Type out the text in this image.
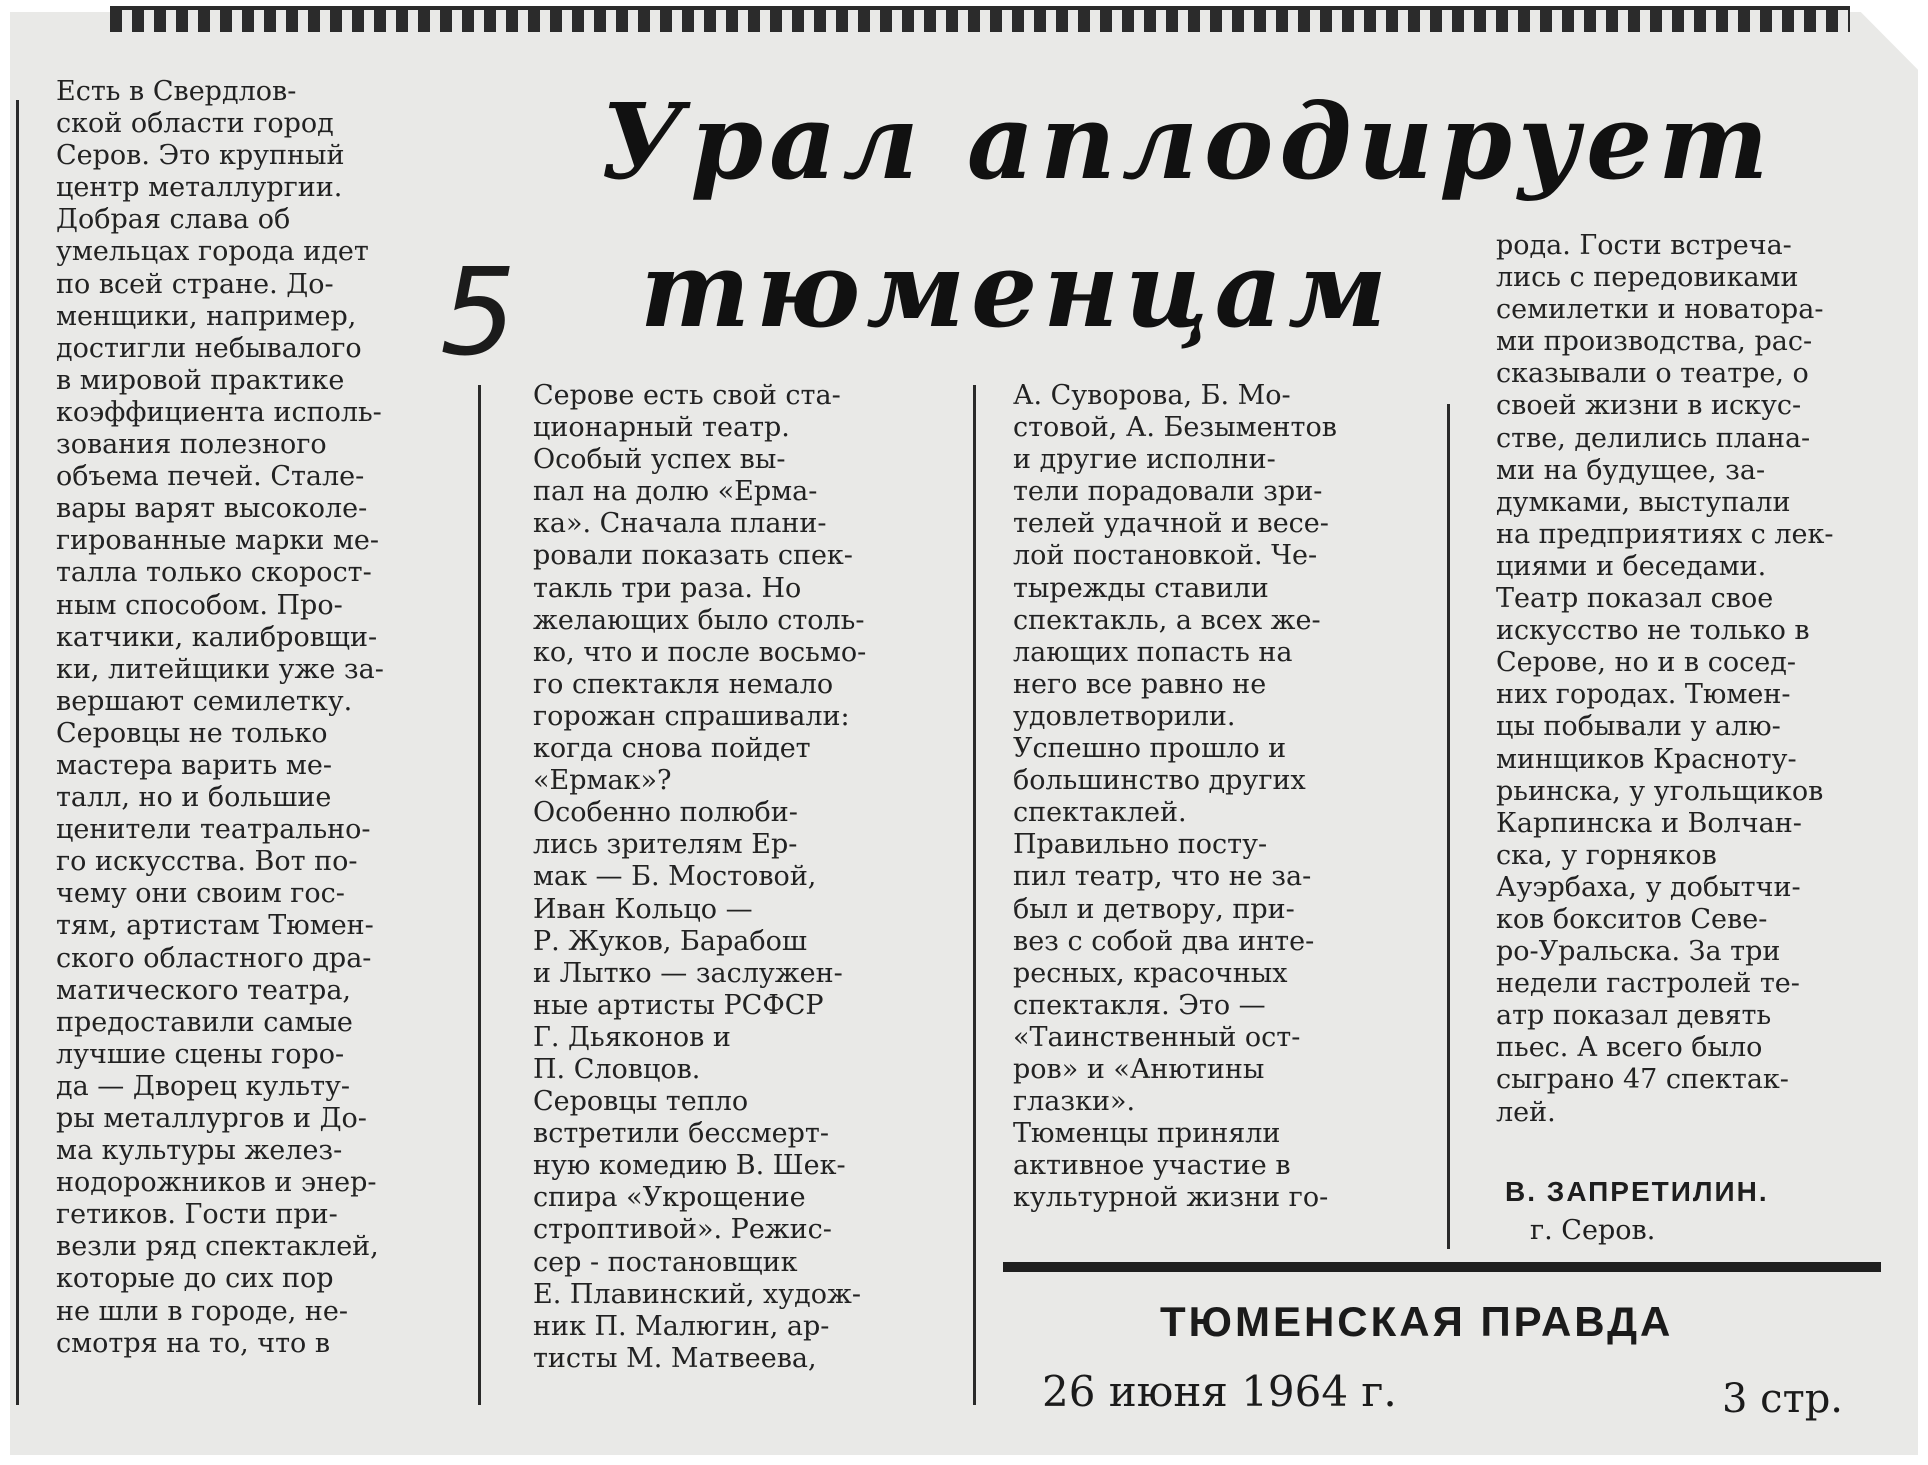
Урал аплодирует
тюменцам
5

Есть в Свердлов-
ской области город
Серов. Это крупный
центр металлургии.
Добрая слава об
умельцах города идет
по всей стране. До-
менщики, например,
достигли небывалого
в мировой практике
коэффициента исполь-
зования полезного
объема печей. Стале-
вары варят высоколе-
гированные марки ме-
талла только скорост-
ным способом. Про-
катчики, калибровщи-
ки, литейщики уже за-
вершают семилетку.
Серовцы не только
мастера варить ме-
талл, но и большие
ценители театрально-
го искусства. Вот по-
чему они своим гос-
тям, артистам Тюмен-
ского областного дра-
матического театра,
предоставили самые
лучшие сцены горо-
да — Дворец культу-
ры металлургов и До-
ма культуры желез-
нодорожников и энер-
гетиков. Гости при-
везли ряд спектаклей,
которые до сих пор
не шли в городе, не-
смотря на то, что в

Серове есть свой ста-
ционарный театр.
Особый успех вы-
пал на долю «Ерма-
ка». Сначала плани-
ровали показать спек-
такль три раза. Но
желающих было столь-
ко, что и после восьмо-
го спектакля немало
горожан спрашивали:
когда снова пойдет
«Ермак»?
Особенно полюби-
лись зрителям Ер-
мак — Б. Мостовой,
Иван Кольцо —
Р. Жуков, Барабош
и Лытко — заслужен-
ные артисты РСФСР
Г. Дьяконов и
П. Словцов.
Серовцы тепло
встретили бессмерт-
ную комедию В. Шек-
спира «Укрощение
строптивой». Режис-
сер - постановщик
Е. Плавинский, худож-
ник П. Малюгин, ар-
тисты М. Матвеева,

А. Суворова, Б. Мо-
стовой, А. Безыментов
и другие исполни-
тели порадовали зри-
телей удачной и весе-
лой постановкой. Че-
тырежды ставили
спектакль, а всех же-
лающих попасть на
него все равно не
удовлетворили.
Успешно прошло и
большинство других
спектаклей.
Правильно посту-
пил театр, что не за-
был и детвору, при-
вез с собой два инте-
ресных, красочных
спектакля. Это —
«Таинственный ост-
ров» и «Анютины
глазки».
Тюменцы приняли
активное участие в
культурной жизни го-

рода. Гости встреча-
лись с передовиками
семилетки и новатора-
ми производства, рас-
сказывали о театре, о
своей жизни в искус-
стве, делились плана-
ми на будущее, за-
думками, выступали
на предприятиях с лек-
циями и беседами.
Театр показал свое
искусство не только в
Серове, но и в сосед-
них городах. Тюмен-
цы побывали у алю-
минщиков Красноту-
рьинска, у угольщиков
Карпинска и Волчан-
ска, у горняков
Ауэрбаха, у добытчи-
ков бокситов Севе-
ро-Уральска. За три
недели гастролей те-
атр показал девять
пьес. А всего было
сыграно 47 спектак-
лей.

В. ЗАПРЕТИЛИН.
г. Серов.
ТЮМЕНСКАЯ ПРАВДА
26 июня 1964 г.	3 стр.
